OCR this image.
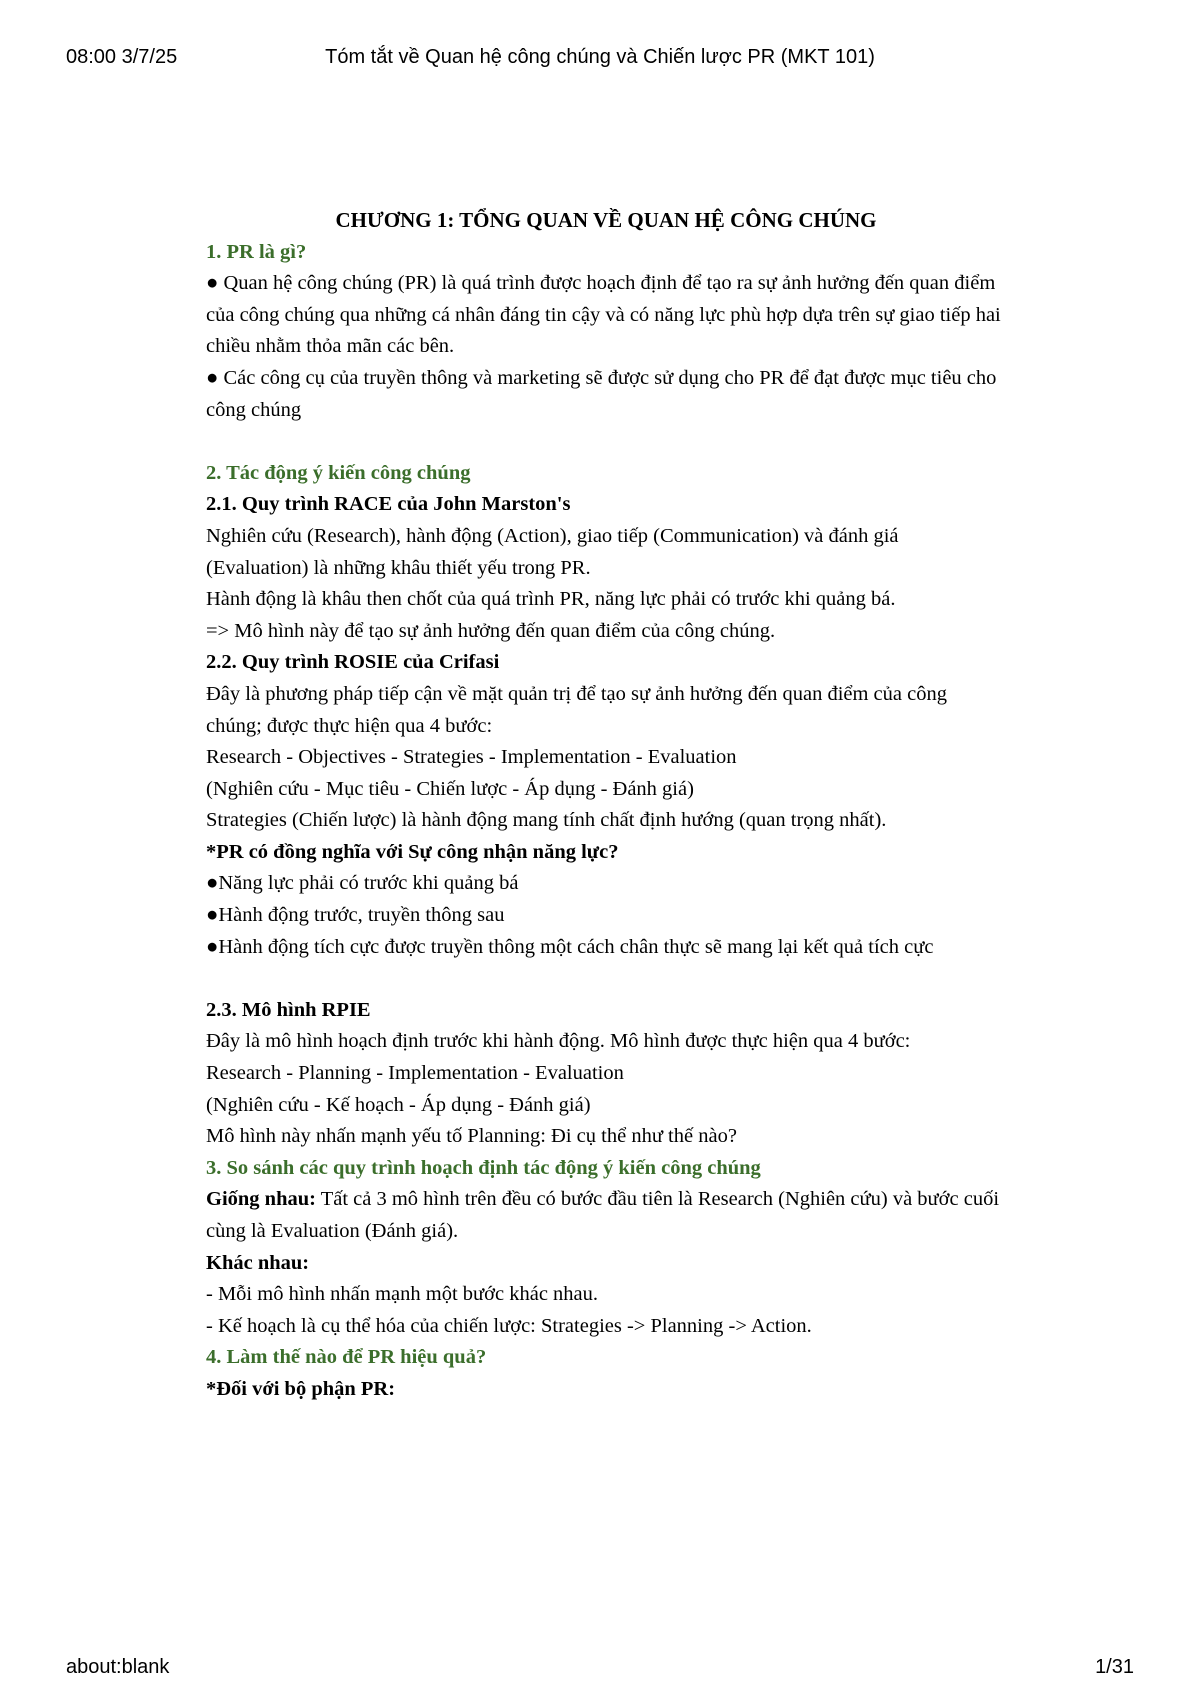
08:00 3/7/25	Tóm tắt về Quan hệ công chúng và Chiến lược PR (MKT 101)

CHƯƠNG 1: TỔNG QUAN VỀ QUAN HỆ CÔNG CHÚNG

1. PR là gì?

● Quan hệ công chúng (PR) là quá trình được hoạch định để tạo ra sự ảnh hưởng đến quan điểm của công chúng qua những cá nhân đáng tin cậy và có năng lực phù hợp dựa trên sự giao tiếp hai chiều nhằm thỏa mãn các bên.

● Các công cụ của truyền thông và marketing sẽ được sử dụng cho PR để đạt được mục tiêu cho công chúng

2. Tác động ý kiến công chúng

2.1. Quy trình RACE của John Marston's

Nghiên cứu (Research), hành động (Action), giao tiếp (Communication) và đánh giá (Evaluation) là những khâu thiết yếu trong PR.

Hành động là khâu then chốt của quá trình PR, năng lực phải có trước khi quảng bá.

=> Mô hình này để tạo sự ảnh hưởng đến quan điểm của công chúng.

2.2. Quy trình ROSIE của Crifasi

Đây là phương pháp tiếp cận về mặt quản trị để tạo sự ảnh hưởng đến quan điểm của công chúng; được thực hiện qua 4 bước:

Research - Objectives - Strategies - Implementation - Evaluation

(Nghiên cứu - Mục tiêu - Chiến lược - Áp dụng - Đánh giá)

Strategies (Chiến lược) là hành động mang tính chất định hướng (quan trọng nhất).

*PR có đồng nghĩa với Sự công nhận năng lực?

●Năng lực phải có trước khi quảng bá

●Hành động trước, truyền thông sau

●Hành động tích cực được truyền thông một cách chân thực sẽ mang lại kết quả tích cực

2.3. Mô hình RPIE

Đây là mô hình hoạch định trước khi hành động. Mô hình được thực hiện qua 4 bước:

Research - Planning - Implementation - Evaluation

(Nghiên cứu - Kế hoạch - Áp dụng - Đánh giá)

Mô hình này nhấn mạnh yếu tố Planning: Đi cụ thể như thế nào?

3. So sánh các quy trình hoạch định tác động ý kiến công chúng

Giống nhau: Tất cả 3 mô hình trên đều có bước đầu tiên là Research (Nghiên cứu) và bước cuối cùng là Evaluation (Đánh giá).

Khác nhau:

- Mỗi mô hình nhấn mạnh một bước khác nhau.

- Kế hoạch là cụ thể hóa của chiến lược: Strategies -> Planning -> Action.

4. Làm thế nào để PR hiệu quả?

*Đối với bộ phận PR:

about:blank	1/31
